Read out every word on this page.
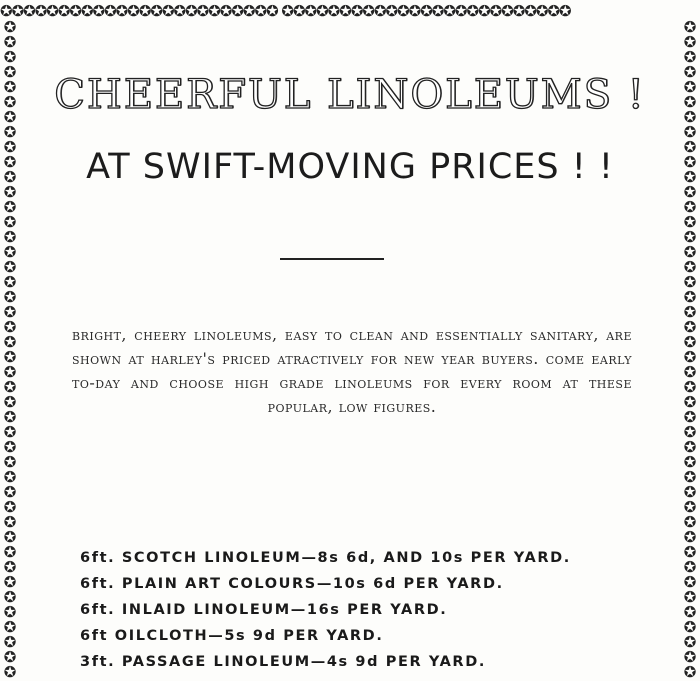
✪✪✪✪✪✪✪✪✪✪✪✪✪✪✪✪✪✪✪✪✪✪✪✪ ✪✪✪✪✪✪✪✪✪✪✪✪✪✪✪✪✪✪✪✪✪✪✪✪✪
✪
✪
✪
✪
✪
✪
✪
✪
✪
✪
✪
✪
✪
✪
✪
✪
✪
✪
✪
✪
✪
✪
✪
✪
✪
✪
✪
✪
✪
✪
✪
✪
✪
✪
✪
✪
✪
✪
✪
✪
✪
✪
✪
✪
✪
✪
✪
✪
✪
✪
✪
✪
✪
✪
✪
✪
✪
✪
✪
✪
✪
✪
✪
✪
✪
✪
✪
✪
✪
✪
✪
✪
✪
✪
✪
✪
✪
✪
✪
✪
✪
✪
✪
✪
✪
✪
✪
✪
CHEERFUL LINOLEUMS !
AT SWIFT-MOVING PRICES ! !
bright, cheery linoleums, easy to clean and essentially sanitary, are shown at harley's priced atractively for new year buyers. come early to-day and choose high grade linoleums for every room at these popular, low figures.
6ft. SCOTCH LINOLEUM—8s 6d, AND 10s PER YARD.
6ft. PLAIN ART COLOURS—10s 6d PER YARD.
6ft. INLAID LINOLEUM—16s PER YARD.
6ft OILCLOTH—5s 9d PER YARD.
3ft. PASSAGE LINOLEUM—4s 9d PER YARD.
